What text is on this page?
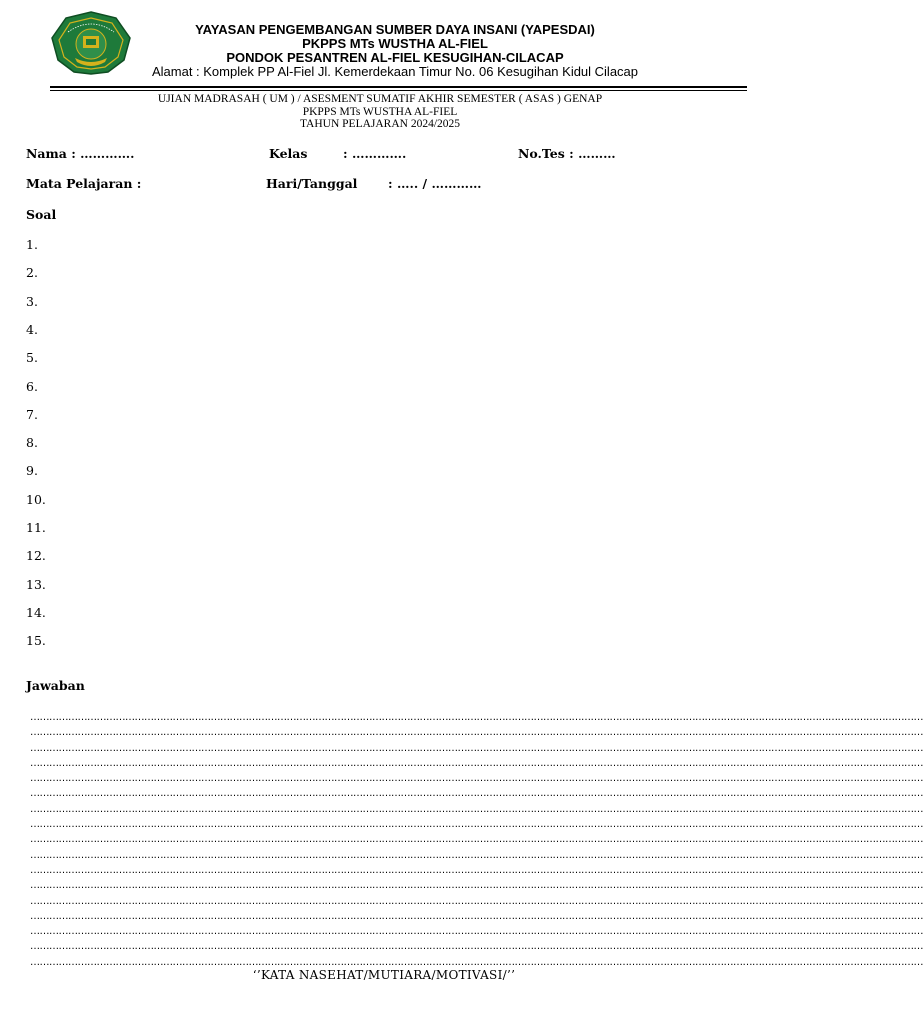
YAYASAN PENGEMBANGAN SUMBER DAYA INSANI (YAPESDAI)
PKPPS MTs WUSTHA AL-FIEL
PONDOK PESANTREN AL-FIEL KESUGIHAN-CILACAP
Alamat : Komplek PP Al-Fiel Jl. Kemerdekaan Timur No. 06 Kesugihan Kidul Cilacap
UJIAN MADRASAH ( UM ) / ASESMENT SUMATIF AKHIR SEMESTER ( ASAS ) GENAP
PKPPS MTs WUSTHA AL-FIEL
TAHUN PELAJARAN 2024/2025
Nama : ………….	Kelas	: ………….	No.Tes : ………
Mata Pelajaran :	Hari/Tanggal : ….. / …………
Soal
1.
2.
3.
4.
5.
6.
7.
8.
9.
10.
11.
12.
13.
14.
15.
Jawaban
…………………………………………………………………………………………………………………………………………………………………………………………………………………………………………………………
…………………………………………………………………………………………………………………………………………………………………………………………………………………………………………………………
…………………………………………………………………………………………………………………………………………………………………………………………………………………………………………………………
…………………………………………………………………………………………………………………………………………………………………………………………………………………………………………………………
…………………………………………………………………………………………………………………………………………………………………………………………………………………………………………………………
…………………………………………………………………………………………………………………………………………………………………………………………………………………………………………………………
…………………………………………………………………………………………………………………………………………………………………………………………………………………………………………………………
…………………………………………………………………………………………………………………………………………………………………………………………………………………………………………………………
…………………………………………………………………………………………………………………………………………………………………………………………………………………………………………………………
…………………………………………………………………………………………………………………………………………………………………………………………………………………………………………………………
…………………………………………………………………………………………………………………………………………………………………………………………………………………………………………………………
…………………………………………………………………………………………………………………………………………………………………………………………………………………………………………………………
…………………………………………………………………………………………………………………………………………………………………………………………………………………………………………………………
…………………………………………………………………………………………………………………………………………………………………………………………………………………………………………………………
…………………………………………………………………………………………………………………………………………………………………………………………………………………………………………………………
…………………………………………………………………………………………………………………………………………………………………………………………………………………………………………………………
…………………………………………………………………………………………………………………………………………………………………………………………………………………………………………………………
‘’KATA NASEHAT/MUTIARA/MOTIVASI/’’
